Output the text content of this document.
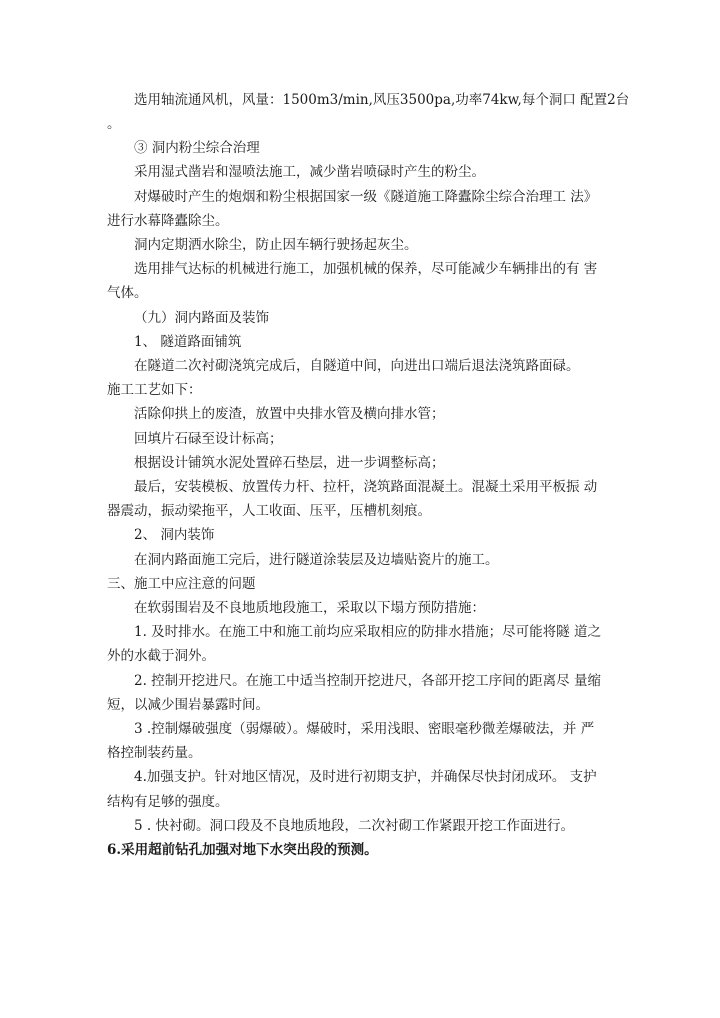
选用轴流通风机，风量：1500m3/min,风压3500pa,功率74kw,每个洞口 配置2台
。
③ 洞内粉尘综合治理
采用湿式凿岩和湿喷法施工，减少凿岩喷碌时产生的粉尘。
对爆破时产生的炮烟和粉尘根据国家一级《隧道施工降蠹除尘综合治理工 法》
进行水幕降蠹除尘。
洞内定期洒水除尘，防止因车辆行驶扬起灰尘。
选用排气达标的机械进行施工，加强机械的保养，尽可能减少车辆排出的有 害
气体。
（九）洞内路面及装饰
1、 隧道路面铺筑
在隧道二次衬砌浇筑完成后，自隧道中间，向进出口端后退法浇筑路面碌。
施工工艺如下：
活除仰拱上的废渣，放置中央排水管及横向排水管；
回填片石碌至设计标高；
根据设计铺筑水泥处置碎石垫层，进一步调整标高；
最后，安装模板、放置传力杆、拉杆，浇筑路面混凝土。混凝土采用平板振 动
器震动，振动梁拖平，人工收面、压平，压槽机刻痕。
2、 洞内装饰
在洞内路面施工完后，进行隧道涂装层及边墙贴瓷片的施工。
三、施工中应注意的问题
在软弱围岩及不良地质地段施工，采取以下塌方预防措施：
1. 及时排水。在施工中和施工前均应采取相应的防排水措施；尽可能将隧 道之
外的水截于洞外。
2. 控制开挖进尺。在施工中适当控制开挖进尺，各部开挖工序间的距离尽 量缩
短，以减少围岩暴露时间。
3 .控制爆破强度（弱爆破）。爆破时，采用浅眼、密眼毫秒微差爆破法，并 严
格控制装药量。
4.加强支护。针对地区情况，及时进行初期支护，并确保尽快封闭成环。 支护
结构有足够的强度。
5 . 快衬砌。洞口段及不良地质地段，二次衬砌工作紧跟开挖工作面进行。
6.采用超前钻孔加强对地下水突出段的预测。
